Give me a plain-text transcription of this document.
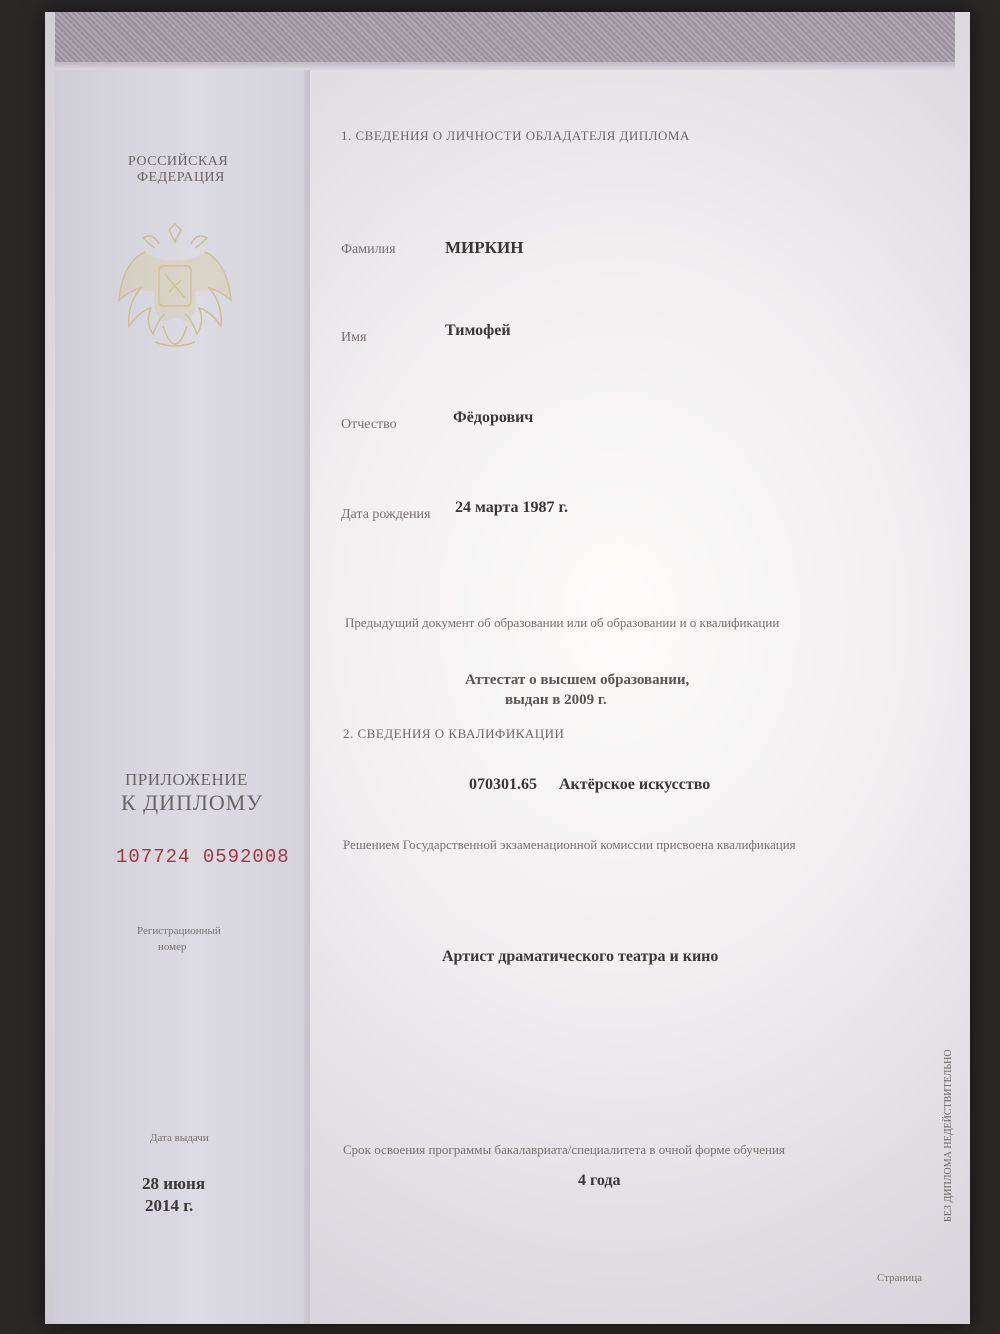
РОССИЙСКАЯ
ФЕДЕРАЦИЯ
ПРИЛОЖЕНИЕ
К ДИПЛОМУ
107724 0592008
Регистрационный
номер
Дата выдачи
28 июня
2014 г.
1. СВЕДЕНИЯ О ЛИЧНОСТИ ОБЛАДАТЕЛЯ ДИПЛОМА
Фамилия	МИРКИН
Имя	Тимофей
Отчество	Фёдорович
Дата рождения 24 марта 1987 г.
Предыдущий документ об образовании или об образовании и о квалификации
Аттестат о высшем образовании,
выдан в 2009 г.
2. СВЕДЕНИЯ О КВАЛИФИКАЦИИ
070301.65 Актёрское искусство
Решением Государственной экзаменационной комиссии присвоена квалификация
Артист драматического театра и кино
Срок освоения программы бакалавриата/специалитета в очной форме обучения
4 года	БЕЗ ДИПЛОМА НЕДЕЙСТВИТЕЛЬНО
Страница
